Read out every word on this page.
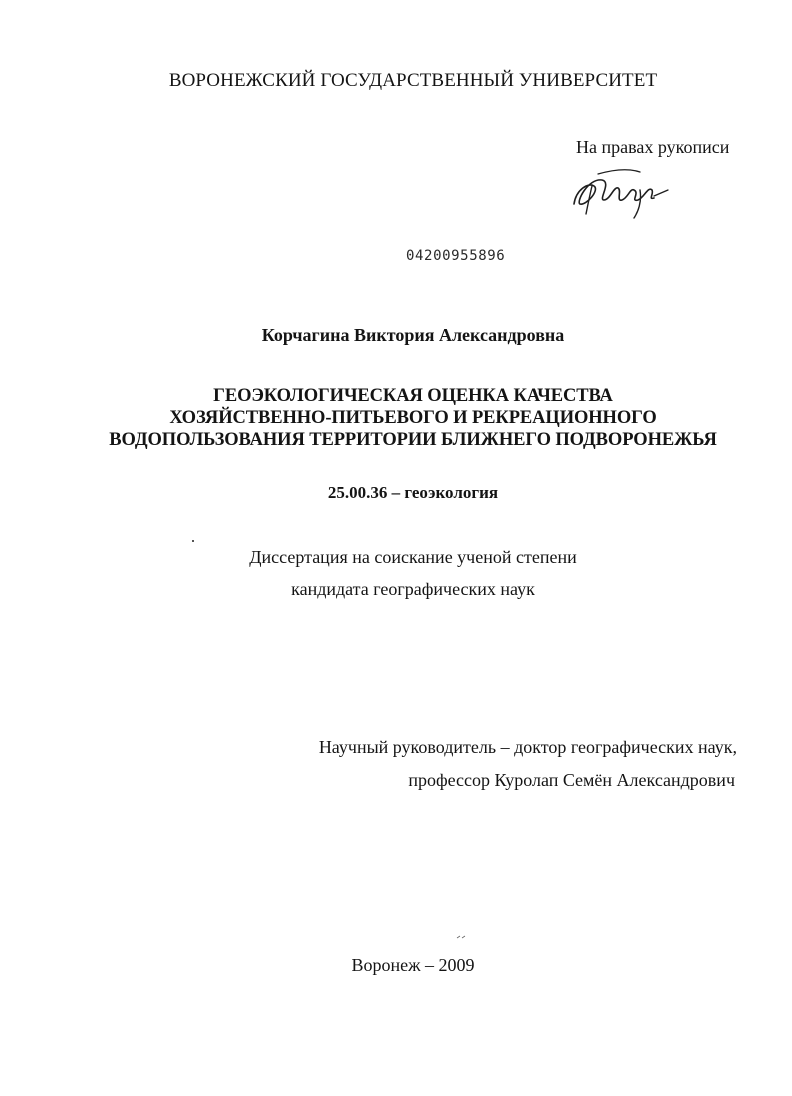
ВОРОНЕЖСКИЙ ГОСУДАРСТВЕННЫЙ УНИВЕРСИТЕТ
На правах рукописи
04200955896
Корчагина Виктория Александровна
ГЕОЭКОЛОГИЧЕСКАЯ ОЦЕНКА КАЧЕСТВА
ХОЗЯЙСТВЕННО-ПИТЬЕВОГО И РЕКРЕАЦИОННОГО
ВОДОПОЛЬЗОВАНИЯ ТЕРРИТОРИИ БЛИЖНЕГО ПОДВОРОНЕЖЬЯ
25.00.36 – геоэкология
Диссертация на соискание ученой степени
кандидата географических наук
Научный руководитель – доктор географических наук,
профессор Куролап Семён Александрович
Воронеж – 2009
